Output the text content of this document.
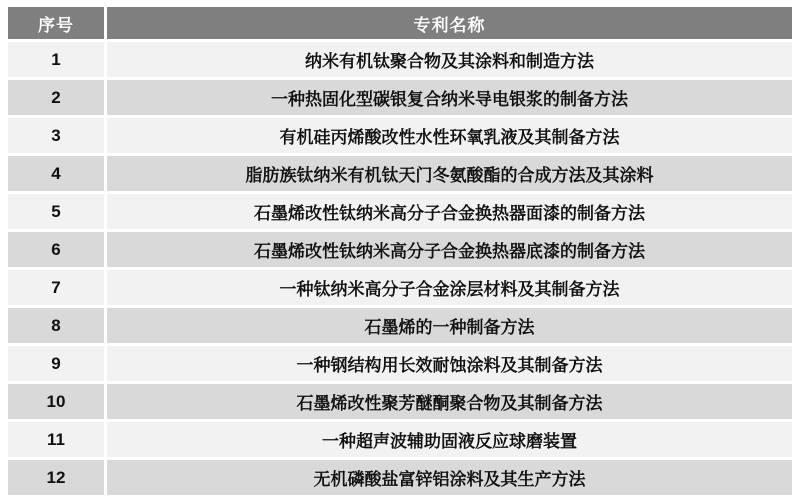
序号	专利名称
1	纳米有机钛聚合物及其涂料和制造方法
2	一种热固化型碳银复合纳米导电银浆的制备方法
3	有机硅丙烯酸改性水性环氧乳液及其制备方法
4	脂肪族钛纳米有机钛天门冬氨酸酯的合成方法及其涂料
5	石墨烯改性钛纳米高分子合金换热器面漆的制备方法
6	石墨烯改性钛纳米高分子合金换热器底漆的制备方法
7	一种钛纳米高分子合金涂层材料及其制备方法
8	石墨烯的一种制备方法
9	一种钢结构用长效耐蚀涂料及其制备方法
10	石墨烯改性聚芳醚酮聚合物及其制备方法
11	一种超声波辅助固液反应球磨装置
12	无机磷酸盐富锌铝涂料及其生产方法
